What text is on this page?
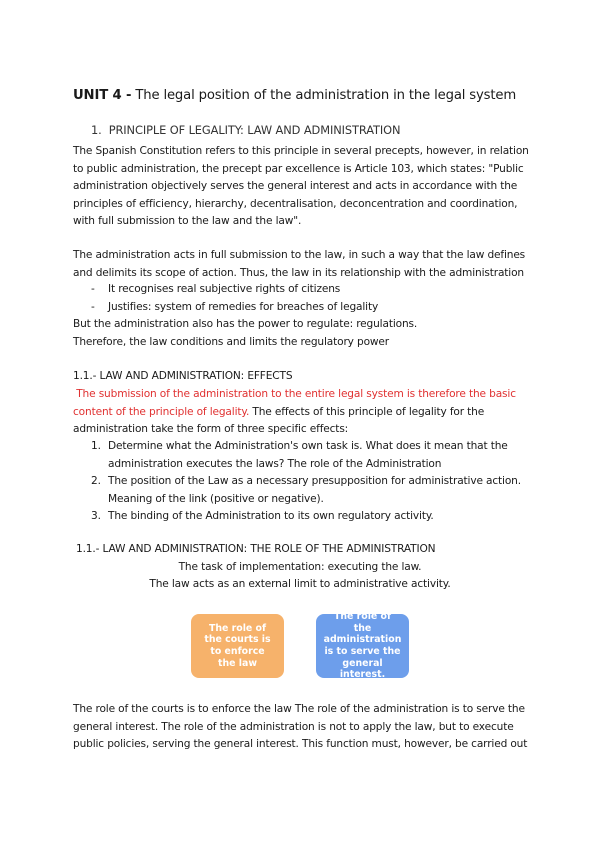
UNIT 4 - The legal position of the administration in the legal system
1. PRINCIPLE OF LEGALITY: LAW AND ADMINISTRATION

The Spanish Constitution refers to this principle in several precepts, however, in relation to public administration, the precept par excellence is Article 103, which states: "Public administration objectively serves the general interest and acts in accordance with the principles of efficiency, hierarchy, decentralisation, deconcentration and coordination, with full submission to the law and the law".

The administration acts in full submission to the law, in such a way that the law defines and delimits its scope of action. Thus, the law in its relationship with the administration

- It recognises real subjective rights of citizens
- Justifies: system of remedies for breaches of legality
But the administration also has the power to regulate: regulations.
Therefore, the law conditions and limits the regulatory power
1.1.- LAW AND ADMINISTRATION: EFFECTS

The submission of the administration to the entire legal system is therefore the basic content of the principle of legality. The effects of this principle of legality for the administration take the form of three specific effects:

1. Determine what the Administration's own task is. What does it mean that the administration executes the laws? The role of the Administration
2. The position of the Law as a necessary presupposition for administrative action. Meaning of the link (positive or negative).
3. The binding of the Administration to its own regulatory activity.
1.1.- LAW AND ADMINISTRATION: THE ROLE OF THE ADMINISTRATION
The task of implementation: executing the law.
The law acts as an external limit to administrative activity.
The role of the courts is to enforce the law
The role of the administration is to serve the general interest.

The role of the courts is to enforce the law The role of the administration is to serve the general interest. The role of the administration is not to apply the law, but to execute public policies, serving the general interest. This function must, however, be carried out
